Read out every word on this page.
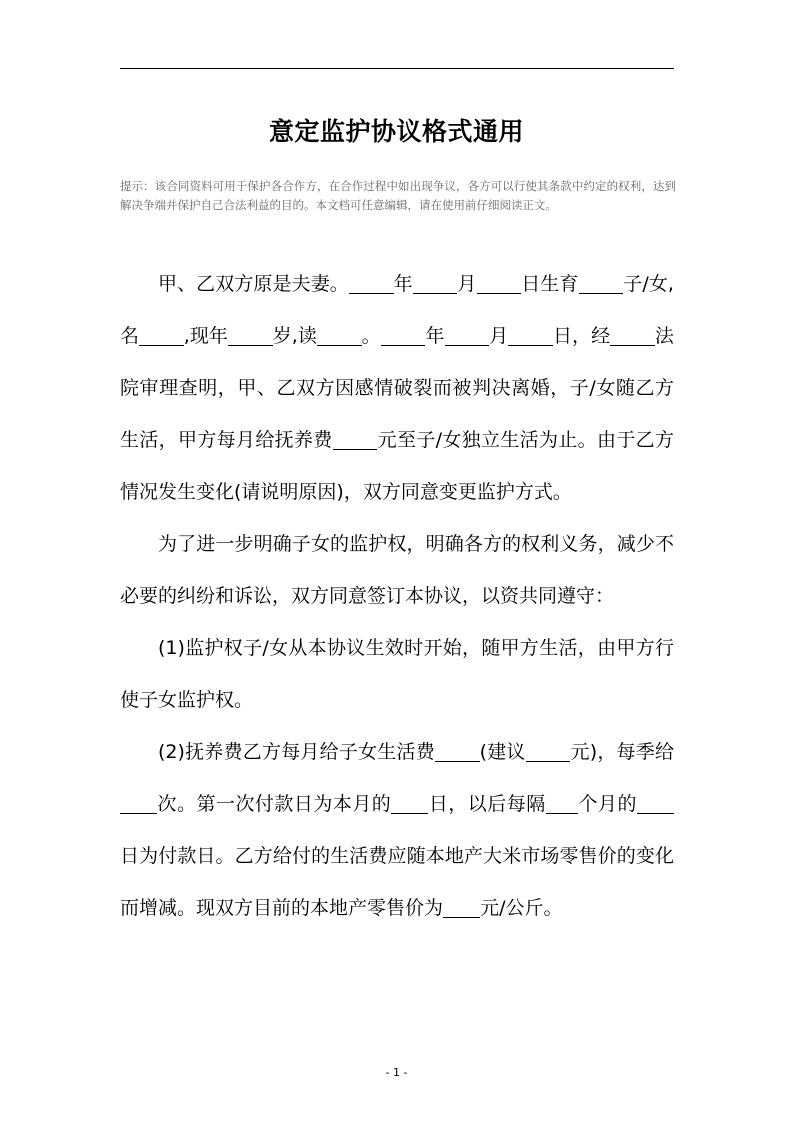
意定监护协议格式通用
提示：该合同资料可用于保护各合作方，在合作过程中如出现争议，各方可以行使其条款中约定的权利，达到解决争端并保护自己合法利益的目的。本文档可任意编辑，请在使用前仔细阅读正文。

甲、乙双方原是夫妻。 年 月 日生育 子/女,名 ,现年 岁,读 。 年 月 日，经 法院审理查明，甲、乙双方因感情破裂而被判决离婚，子/女随乙方生活，甲方每月给抚养费 元至子/女独立生活为止。由于乙方情况发生变化(请说明原因)，双方同意变更监护方式。

为了进一步明确子女的监护权，明确各方的权利义务，减少不必要的纠纷和诉讼，双方同意签订本协议，以资共同遵守：

(1)监护权子/女从本协议生效时开始，随甲方生活，由甲方行使子女监护权。

(2)抚养费乙方每月给子女生活费 (建议 元)，每季给次。第一次付款日为本月的 日，以后每隔 个月的日为付款日。乙方给付的生活费应随本地产大米市场零售价的变化而增减。现双方目前的本地产零售价为 元/公斤。

- 1 -
